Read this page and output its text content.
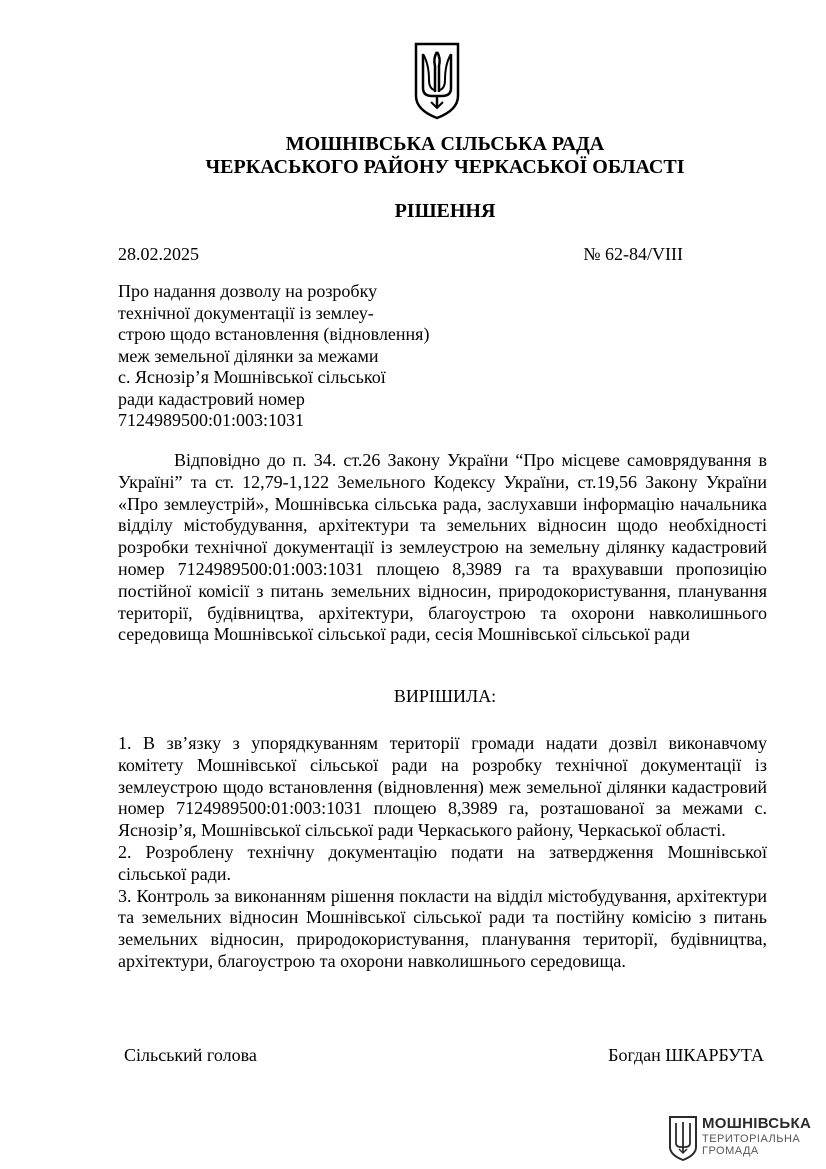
МОШНІВСЬКА СІЛЬСЬКА РАДА
ЧЕРКАСЬКОГО РАЙОНУ ЧЕРКАСЬКОЇ ОБЛАСТІ
РІШЕННЯ
28.02.2025	№ 62-84/VIII
Про надання дозволу на розробку
технічної документації із землеу-
строю щодо встановлення (відновлення)
меж земельної ділянки за межами
с. Яснозір’я Мошнівської сільської
ради кадастровий номер
7124989500:01:003:1031
Відповідно до п. 34. ст.26 Закону України “Про місцеве самоврядування в Україні” та ст. 12,79-1,122 Земельного Кодексу України, ст.19,56 Закону України «Про землеустрій», Мошнівська сільська рада, заслухавши інформацію начальника відділу містобудування, архітектури та земельних відносин щодо необхідності розробки технічної документації із землеустрою на земельну ділянку кадастровий номер 7124989500:01:003:1031 площею 8,3989 га та врахувавши пропозицію постійної комісії з питань земельних відносин, природокористування, планування території, будівництва, архітектури, благоустрою та охорони навколишнього середовища Мошнівської сільської ради, сесія Мошнівської сільської ради
ВИРІШИЛА:

1. В зв’язку з упорядкуванням території громади надати дозвіл виконавчому комітету Мошнівської сільської ради на розробку технічної документації із землеустрою щодо встановлення (відновлення) меж земельної ділянки кадастровий номер 7124989500:01:003:1031 площею 8,3989 га, розташованої за межами с. Яснозір’я, Мошнівської сільської ради Черкаського району, Черкаської області.

2. Розроблену технічну документацію подати на затвердження Мошнівської сільської ради.

3. Контроль за виконанням рішення покласти на відділ містобудування, архітектури та земельних відносин Мошнівської сільської ради та постійну комісію з питань земельних відносин, природокористування, планування території, будівництва, архітектури, благоустрою та охорони навколишнього середовища.

Сільський голова	Богдан ШКАРБУТА
МОШНІВСЬКА
ТЕРИТОРІАЛЬНА
ГРОМАДА
